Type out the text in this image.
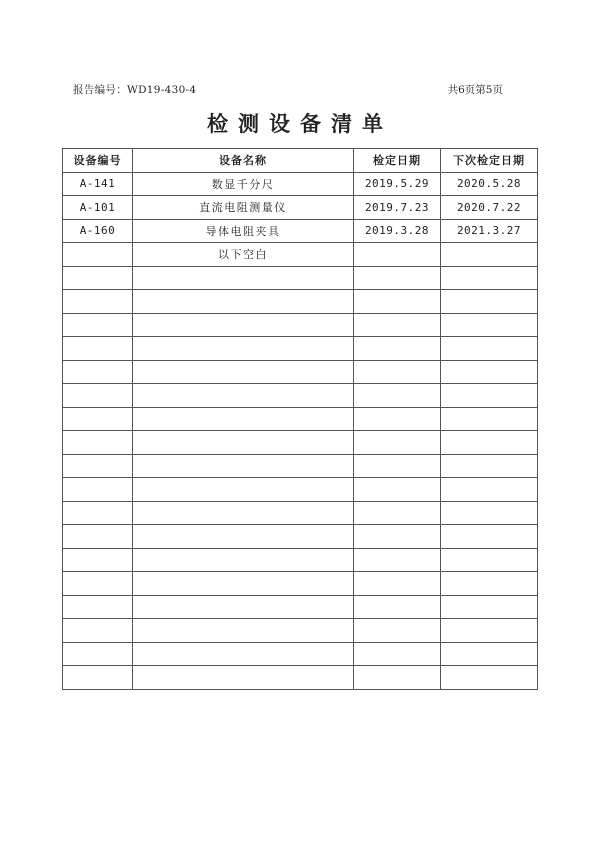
报告编号：WD19-430-4	共6页第5页
检测设备清单
设备编号	设备名称	检定日期	下次检定日期
A-141	数显千分尺	2019.5.29	2020.5.28
A-101	直流电阻测量仪	2019.7.23	2020.7.22
A-160	导体电阻夹具	2019.3.28	2021.3.27
	以下空白		
